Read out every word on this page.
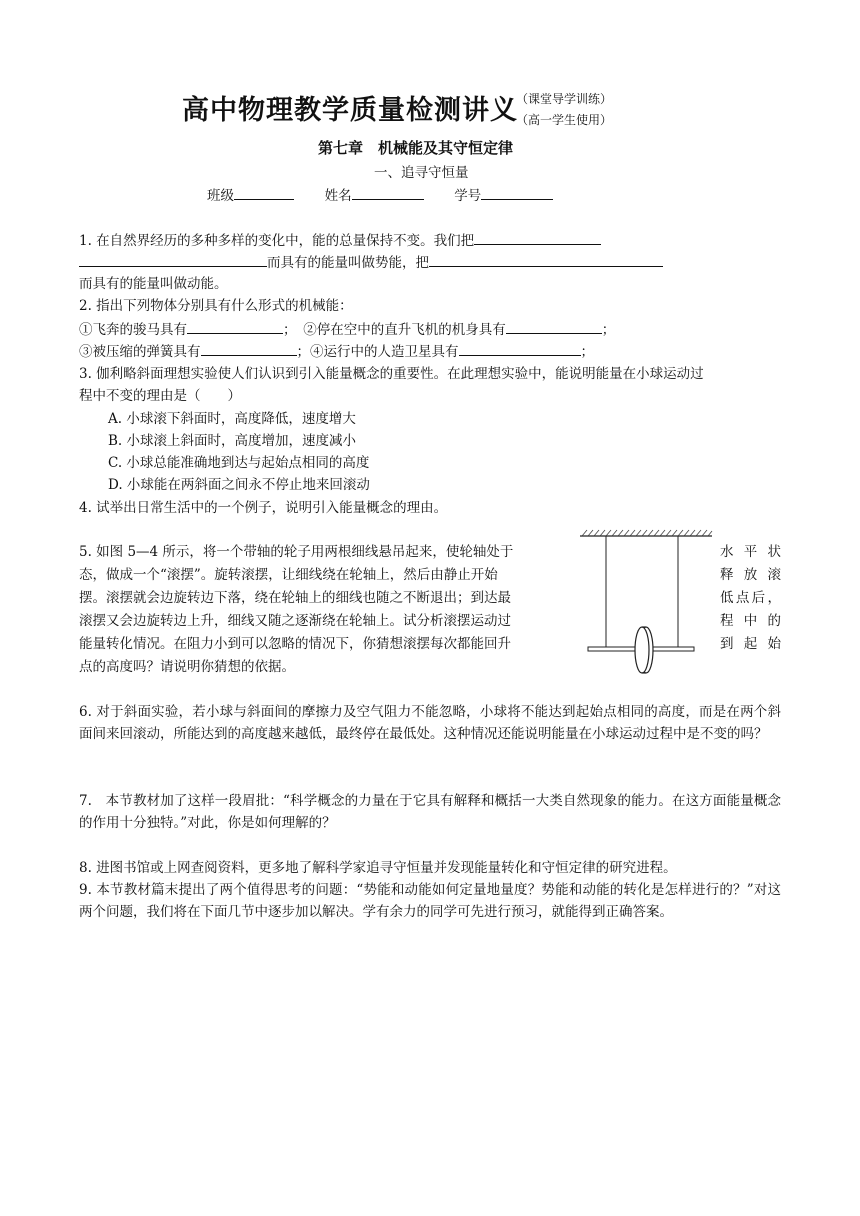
高中物理教学质量检测讲义
（课堂导学训练）
（高一学生使用）
第七章　机械能及其守恒定律
一、追寻守恒量
班级	姓名	学号
1. 在自然界经历的多种多样的变化中，能的总量保持不变。我们把
而具有的能量叫做势能，把
而具有的能量叫做动能。
2. 指出下列物体分别具有什么形式的机械能：
①飞奔的骏马具有	；　②停在空中的直升飞机的机身具有	；
③被压缩的弹簧具有	；④运行中的人造卫星具有	；
3. 伽利略斜面理想实验使人们认识到引入能量概念的重要性。在此理想实验中，能说明能量在小球运动过
程中不变的理由是（　　）
A. 小球滚下斜面时，高度降低，速度增大
B. 小球滚上斜面时，高度增加，速度减小
C. 小球总能准确地到达与起始点相同的高度
D. 小球能在两斜面之间永不停止地来回滚动
4. 试举出日常生活中的一个例子，说明引入能量概念的理由。
5. 如图 5—4 所示，将一个带轴的轮子用两根细线悬吊起来，使轮轴处于
态，做成一个“滚摆”。旋转滚摆，让细线绕在轮轴上，然后由静止开始
摆。滚摆就会边旋转边下落，绕在轮轴上的细线也随之不断退出；到达最
滚摆又会边旋转边上升，细线又随之逐渐绕在轮轴上。试分析滚摆运动过
能量转化情况。在阻力小到可以忽略的情况下，你猜想滚摆每次都能回升
水平状
释放滚
低点后，
程中的
到起始
点的高度吗？请说明你猜想的依据。
6. 对于斜面实验，若小球与斜面间的摩擦力及空气阻力不能忽略，小球将不能达到起始点相同的高度，而是在两个斜面间来回滚动，所能达到的高度越来越低，最终停在最低处。这种情况还能说明能量在小球运动过程中是不变的吗？
7.　本节教材加了这样一段眉批：“科学概念的力量在于它具有解释和概括一大类自然现象的能力。在这方面能量概念的作用十分独特。”对此，你是如何理解的？
8. 进图书馆或上网查阅资料，更多地了解科学家追寻守恒量并发现能量转化和守恒定律的研究进程。
9. 本节教材篇末提出了两个值得思考的问题：“势能和动能如何定量地量度？势能和动能的转化是怎样进行的？”对这两个问题，我们将在下面几节中逐步加以解决。学有余力的同学可先进行预习，就能得到正确答案。
